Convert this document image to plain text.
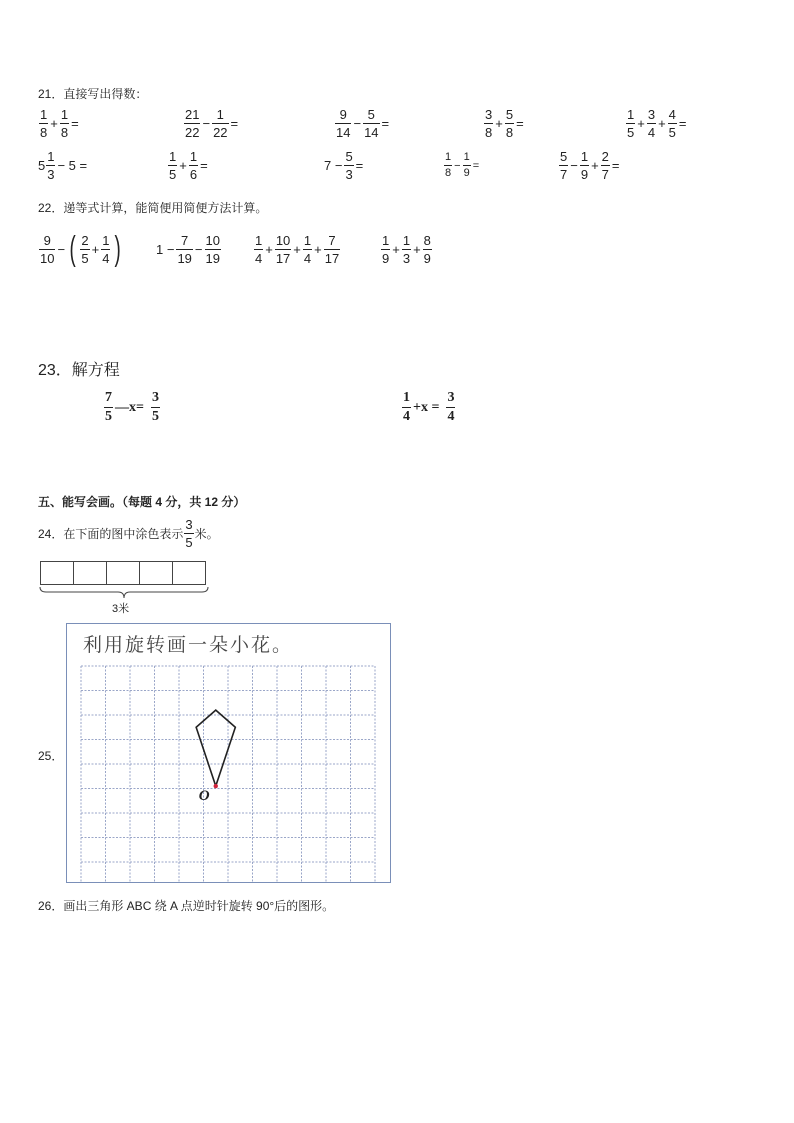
21．直接写出得数：
$\frac{1}{8} + \frac{1}{8}$ =	$\frac{21}{22} - \frac{1}{22}$ =	$\frac{9}{14} - \frac{5}{14}$ =	$\frac{3}{8} + \frac{5}{8}$ =	$\frac{1}{5} + \frac{3}{4} + \frac{4}{5}$ =
$5 \frac{1}{3} - 5$ =	$\frac{1}{5} + \frac{1}{6}$ =	$7 - \frac{5}{3}$ =	$\frac{1}{8} - \frac{1}{9}$ =	$\frac{5}{7} - \frac{1}{9} + \frac{2}{7}$ =
22．递等式计算，能简便用简便方法计算。
$\frac{9}{10}$ − ( $\frac{2}{5} + \frac{1}{4}$ )	$1 - \frac{7}{19} - \frac{10}{19}$	$\frac{1}{4} + \frac{10}{17} + \frac{1}{4} + \frac{7}{17}$	$\frac{1}{9} + \frac{1}{3} + \frac{8}{9}$
23．解方程
$\frac{7}{5}$ —x= $\frac{3}{5}$	$\frac{1}{4} +x = \frac{3}{4}$
五、能写会画。（每题 4 分，共 12 分）
24．在下面的图中涂色表示 $\frac{3}{5}$ 米。
3米
25．
利用旋转画一朵小花。
O
26．画出三角形 ABC 绕 A 点逆时针旋转 90°后的图形。
